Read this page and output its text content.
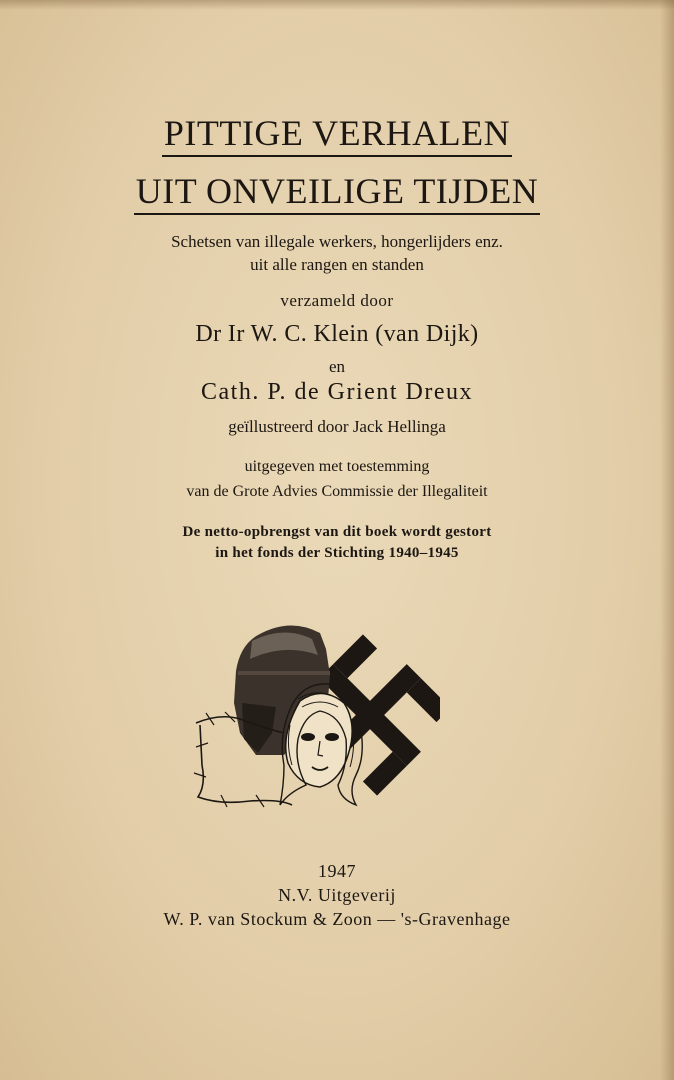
PITTIGE VERHALEN
UIT ONVEILIGE TIJDEN
Schetsen van illegale werkers, hongerlijders enz.
uit alle rangen en standen
verzameld door
Dr Ir W. C. Klein (van Dijk)
en
Cath. P. de Grient Dreux
geïllustreerd door Jack Hellinga
uitgegeven met toestemming
van de Grote Advies Commissie der Illegaliteit
De netto-opbrengst van dit boek wordt gestort
in het fonds der Stichting 1940–1945
1947
N.V. Uitgeverij
W. P. van Stockum & Zoon — 's-Gravenhage
